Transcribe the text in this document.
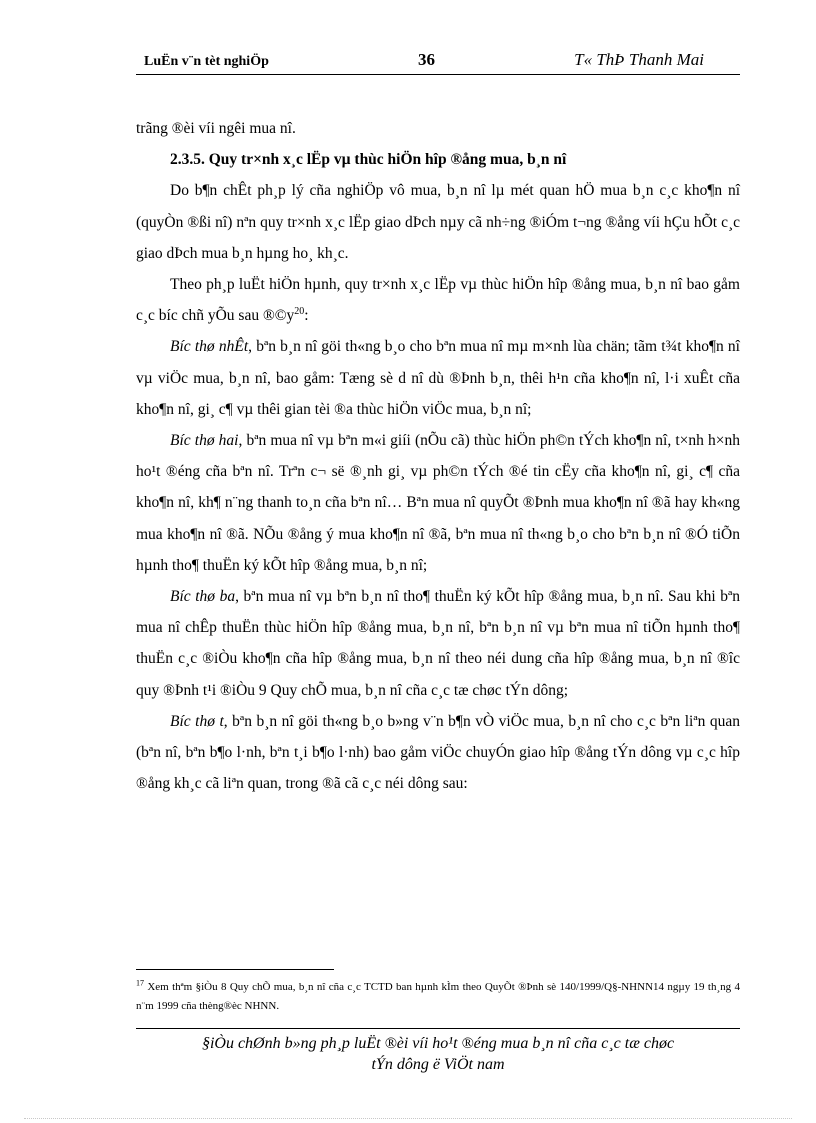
LuËn v¨n tèt nghiÖp	36	T« ThÞ Thanh Mai

trãng ®èi víi ngêi mua nî.

2.3.5. Quy tr×nh x¸c lËp vµ thùc hiÖn hîp ®ång mua, b¸n nî

Do b¶n chÊt ph¸p lý cña nghiÖp vô mua, b¸n nî lµ mét quan hÖ mua b¸n c¸c kho¶n nî (quyÒn ®ßi nî) nªn quy tr×nh x¸c lËp giao dÞch nµy cã nh÷ng ®iÓm t¬ng ®ång víi hÇu hÕt c¸c giao dÞch mua b¸n hµng ho¸ kh¸c.

Theo ph¸p luËt hiÖn hµnh, quy tr×nh x¸c lËp vµ thùc hiÖn hîp ®ång mua, b¸n nî bao gåm c¸c bíc chñ yÕu sau $®©y^{20}$:

Bíc thø nhÊt, bªn b¸n nî göi th«ng b¸o cho bªn mua nî mµ m×nh lùa chän; tãm t¾t kho¶n nî vµ viÖc mua, b¸n nî, bao gåm: Tæng sè d nî dù ®Þnh b¸n, thêi h¹n cña kho¶n nî, l·i xuÊt cña kho¶n nî, gi¸ c¶ vµ thêi gian tèi ®a thùc hiÖn viÖc mua, b¸n nî;

Bíc thø hai, bªn mua nî vµ bªn m«i giíi (nÕu cã) thùc hiÖn ph©n tÝch kho¶n nî, t×nh h×nh ho¹t ®éng cña bªn nî. Trªn c¬ së ®¸nh gi¸ vµ ph©n tÝch ®é tin cËy cña kho¶n nî, gi¸ c¶ cña kho¶n nî, kh¶ n¨ng thanh to¸n cña bªn nî… Bªn mua nî quyÕt ®Þnh mua kho¶n nî ®ã hay kh«ng mua kho¶n nî ®ã. NÕu ®ång ý mua kho¶n nî ®ã, bªn mua nî th«ng b¸o cho bªn b¸n nî ®Ó tiÕn hµnh tho¶ thuËn ký kÕt hîp ®ång mua, b¸n nî;

Bíc thø ba, bªn mua nî vµ bªn b¸n nî tho¶ thuËn ký kÕt hîp ®ång mua, b¸n nî. Sau khi bªn mua nî chÊp thuËn thùc hiÖn hîp ®ång mua, b¸n nî, bªn b¸n nî vµ bªn mua nî tiÕn hµnh tho¶ thuËn c¸c ®iÒu kho¶n cña hîp ®ång mua, b¸n nî theo néi dung cña hîp ®ång mua, b¸n nî ®îc quy ®Þnh t¹i ®iÒu 9 Quy chÕ mua, b¸n nî cña c¸c tæ chøc tÝn dông;

Bíc thø t, bªn b¸n nî göi th«ng b¸o b»ng v¨n b¶n vÒ viÖc mua, b¸n nî cho c¸c bªn liªn quan (bªn nî, bªn b¶o l·nh, bªn t¸i b¶o l·nh) bao gåm viÖc chuyÓn giao hîp ®ång tÝn dông vµ c¸c hîp ®ång kh¸c cã liªn quan, trong ®ã cã c¸c néi dông sau:

$^{17}$ Xem thªm §iÒu 8 Quy chÕ mua, b¸n nî cña c¸c TCTD ban hµnh kÌm theo QuyÕt ®Þnh sè 140/1999/Q§-NHNN14 ngµy 19 th¸ng 4 n¨m 1999 cña thèng®èc NHNN.
§iÒu chØnh b»ng ph¸p luËt ®èi víi ho¹t ®éng mua b¸n nî cña c¸c tæ chøc
tÝn dông ë ViÖt nam
